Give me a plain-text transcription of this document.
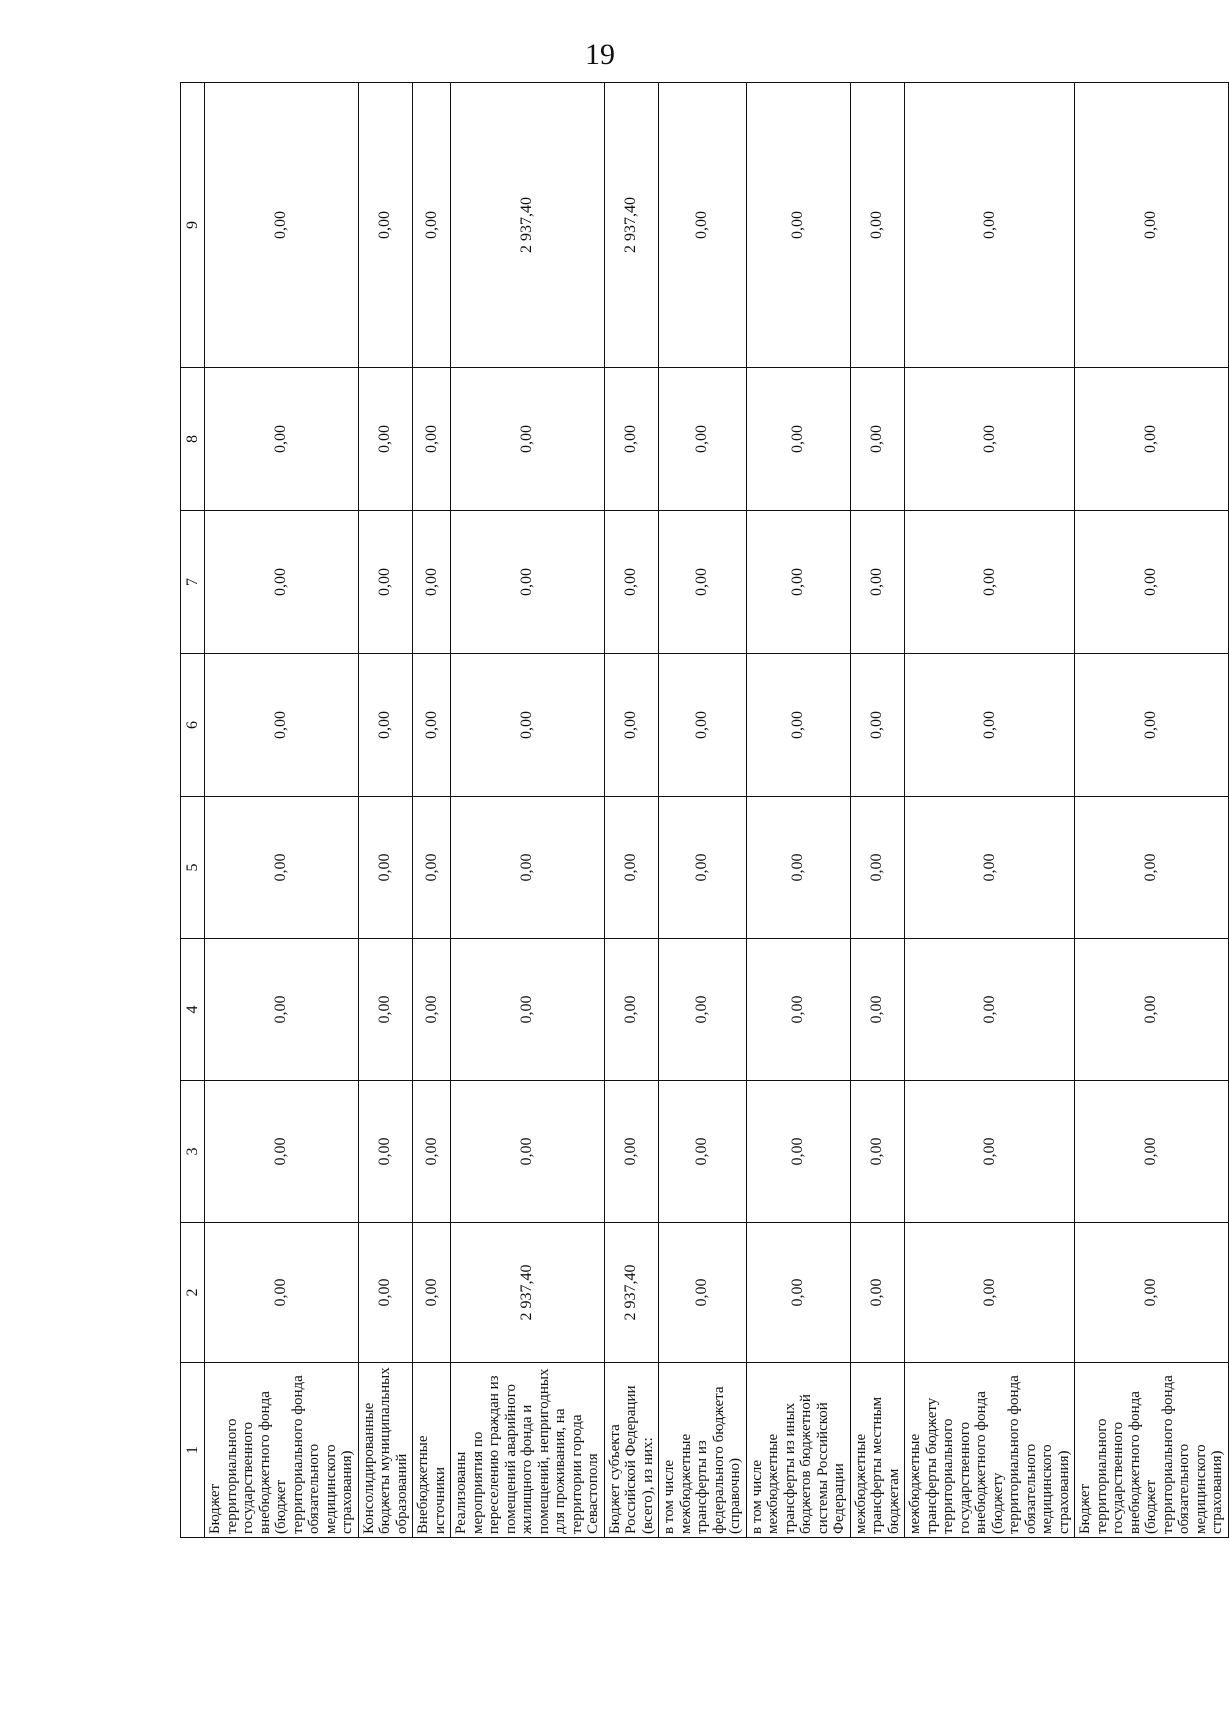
19
1	2	3	4	5	6	7	8	9
Бюджет территориального государственного внебюджетного фонда (бюджет территориального фонда обязательного медицинского страхования)	0,00	0,00	0,00	0,00	0,00	0,00	0,00	0,00
Консолидированные бюджеты муниципальных образований	0,00	0,00	0,00	0,00	0,00	0,00	0,00	0,00
Внебюджетные источники	0,00	0,00	0,00	0,00	0,00	0,00	0,00	0,00
Реализованы мероприятия по переселению граждан из помещений аварийного жилищного фонда и помещений, непригодных для проживания, на территории города Севастополя	2 937,40	0,00	0,00	0,00	0,00	0,00	0,00	2 937,40
Бюджет субъекта Российской Федерации (всего), из них:	2 937,40	0,00	0,00	0,00	0,00	0,00	0,00	2 937,40
в том числе межбюджетные трансферты из федерального бюджета (справочно)	0,00	0,00	0,00	0,00	0,00	0,00	0,00	0,00
в том числе межбюджетные трансферты из иных бюджетов бюджетной системы Российской Федерации	0,00	0,00	0,00	0,00	0,00	0,00	0,00	0,00
межбюджетные трансферты местным бюджетам	0,00	0,00	0,00	0,00	0,00	0,00	0,00	0,00
межбюджетные трансферты бюджету территориального государственного внебюджетного фонда (бюджету территориального фонда обязательного медицинского страхования)	0,00	0,00	0,00	0,00	0,00	0,00	0,00	0,00
Бюджет территориального государственного внебюджетного фонда (бюджет территориального фонда обязательного медицинского страхования)	0,00	0,00	0,00	0,00	0,00	0,00	0,00	0,00
